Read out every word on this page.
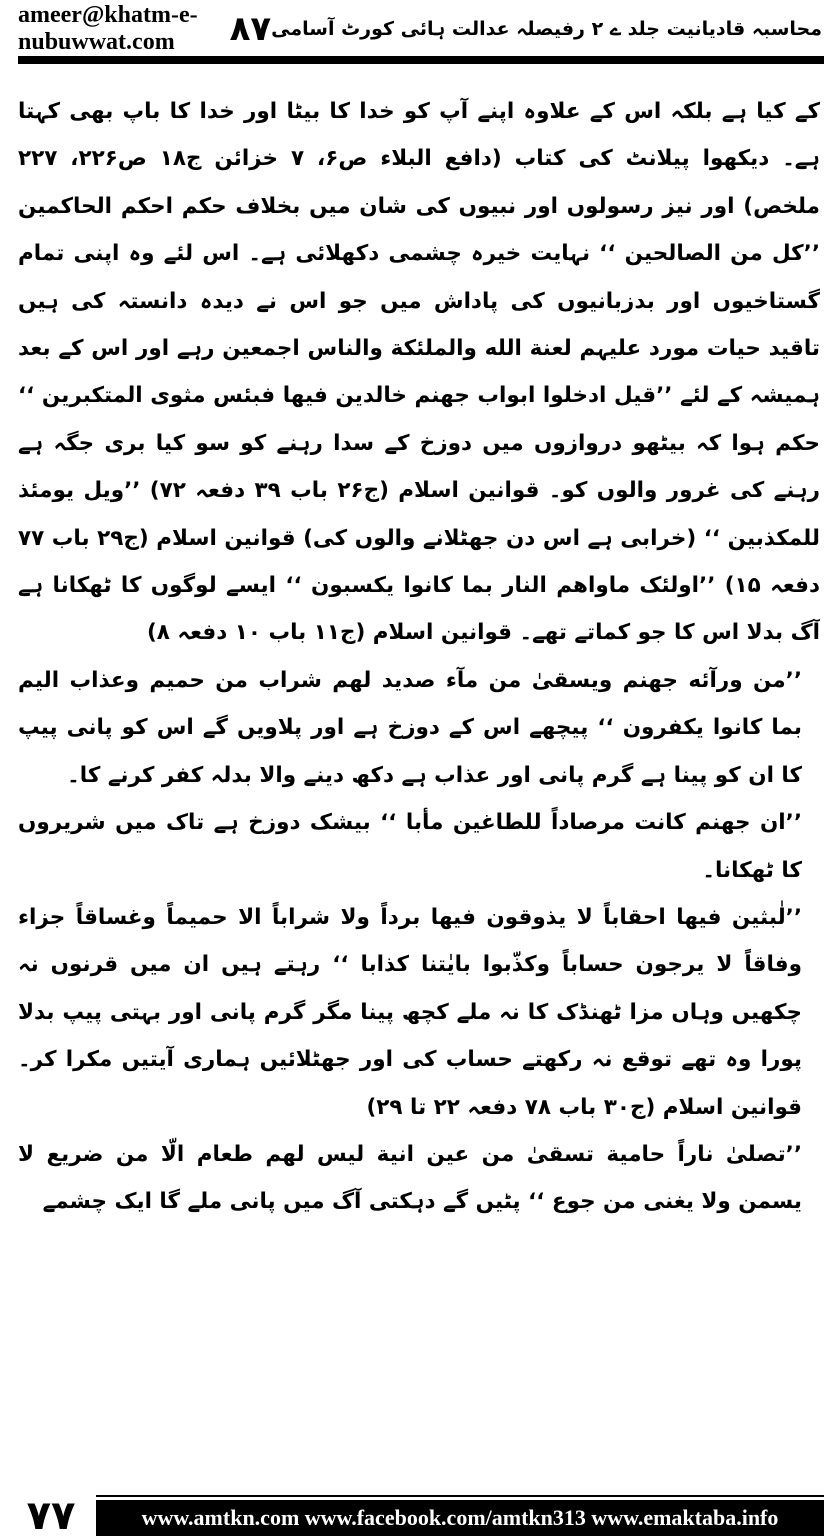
ameer@khatm-e-nubuwwat.com	۸۷ محاسبہ قادیانیت جلد ے ۲ رفیصلہ عدالت ہائی کورٹ آسامی

کے کیا ہے بلکہ اس کے علاوہ اپنے آپ کو خدا کا بیٹا اور خدا کا باپ بھی کہتا ہے۔ دیکھوا پیلانٹ کی کتاب (دافع البلاء ص۶، ۷ خزائن ج۱۸ ص۲۲۶، ۲۲۷ ملخص) اور نیز رسولوں اور نبیوں کی شان میں بخلاف حکم احکم الحاکمین ’’کل من الصالحین ‘‘ نہایت خیرہ چشمی دکھلائی ہے۔ اس لئے وہ اپنی تمام گستاخیوں اور بدزبانیوں کی پاداش میں جو اس نے دیدہ دانستہ کی ہیں تاقید حیات مورد علیہم لعنة الله والملئکة والناس اجمعین رہے اور اس کے بعد ہمیشہ کے لئے ’’قیل ادخلوا ابواب جھنم خالدین فیھا فبئس مثوی المتکبرین ‘‘ حکم ہوا کہ بیٹھو دروازوں میں دوزخ کے سدا رہنے کو سو کیا بری جگہ ہے رہنے کی غرور والوں کو۔ قوانین اسلام (ج۲۶ باب ۳۹ دفعہ ۷۲) ’’ویل یومئذ للمکذبین ‘‘ (خرابی ہے اس دن جھٹلانے والوں کی) قوانین اسلام (ج۲۹ باب ۷۷ دفعہ ۱۵) ’’اولئک ماواھم النار بما کانوا یکسبون ‘‘ ایسے لوگوں کا ٹھکانا ہے آگ بدلا اس کا جو کماتے تھے۔ قوانین اسلام (ج۱۱ باب ۱۰ دفعہ ۸)

’’من ورآئه جھنم ویسقیٰ من مآء صدید لھم شراب من حمیم وعذاب الیم بما کانوا یکفرون ‘‘ پیچھے اس کے دوزخ ہے اور پلاویں گے اس کو پانی پیپ کا ان کو پینا ہے گرم پانی اور عذاب ہے دکھ دینے والا بدلہ کفر کرنے کا۔

’’ان جھنم کانت مرصاداً للطاغین مأبا ‘‘ بیشک دوزخ ہے تاک میں شریروں کا ٹھکانا۔

’’لٰبثین فیھا احقاباً لا یذوقون فیھا برداً ولا شراباً الا حمیماً وغساقاً جزاء وفاقاً لا یرجون حساباً وکذّبوا بایٰتنا کذابا ‘‘ رہتے ہیں ان میں قرنوں نہ چکھیں وہاں مزا ٹھنڈک کا نہ ملے کچھ پینا مگر گرم پانی اور بہتی پیپ بدلا پورا وہ تھے توقع نہ رکھتے حساب کی اور جھٹلائیں ہماری آیتیں مکرا کر۔ قوانین اسلام (ج۳۰ باب ۷۸ دفعہ ۲۲ تا ۲۹)

’’تصلیٰ ناراً حامیة تسقیٰ من عین انیة لیس لھم طعام الّا من ضریع لا یسمن ولا یغنی من جوع ‘‘ پٹیں گے دہکتی آگ میں پانی ملے گا ایک چشمے

۷۷	www.amtkn.com www.facebook.com/amtkn313 www.emaktaba.info
